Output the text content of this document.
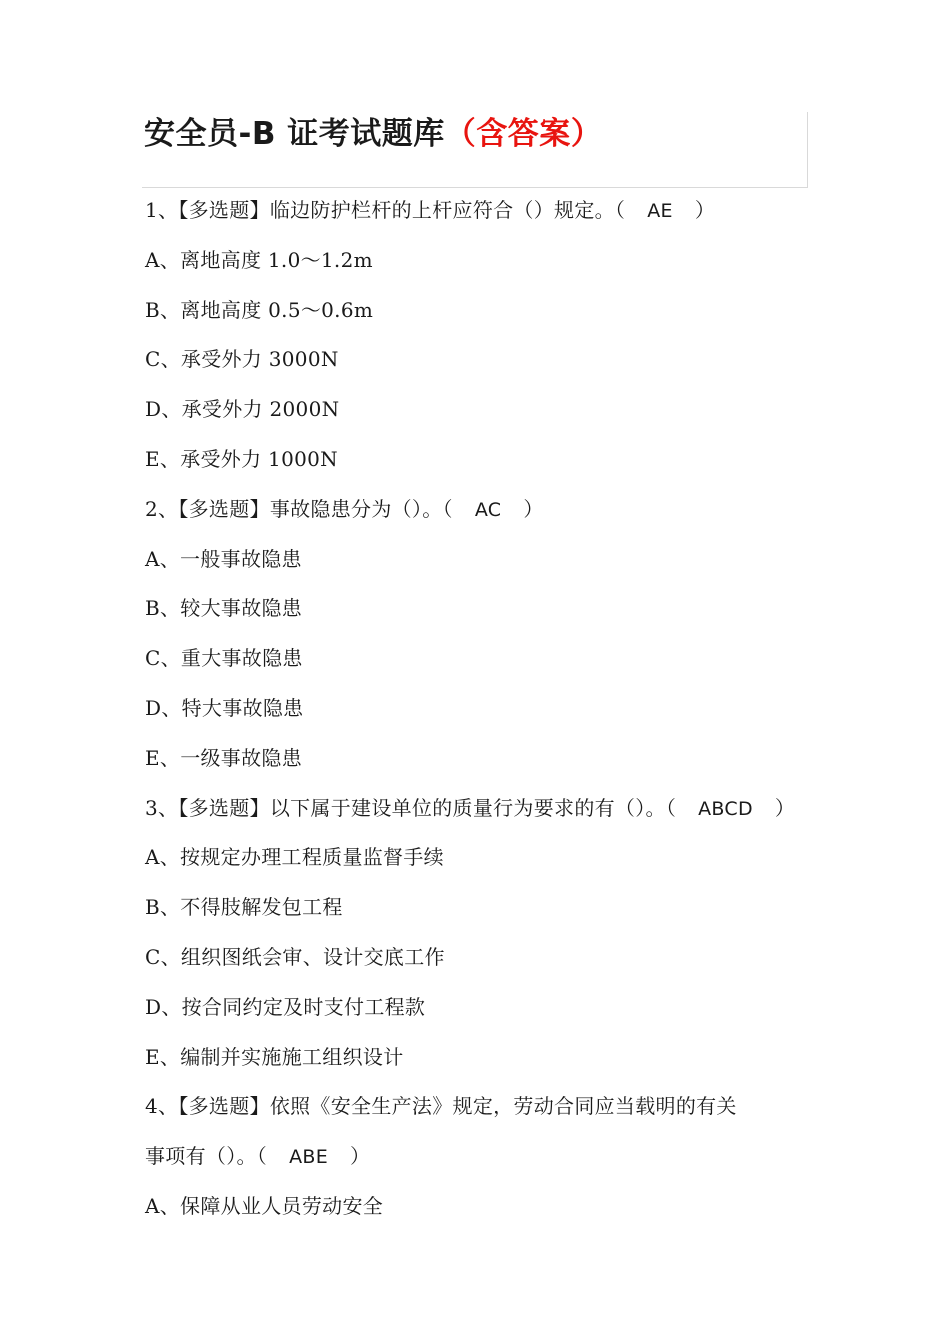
安全员-B 证考试题库（含答案）
1、【多选题】临边防护栏杆的上杆应符合（）规定。（ AE ）
A、离地高度 1.0～1.2m
B、离地高度 0.5～0.6m
C、承受外力 3000N
D、承受外力 2000N
E、承受外力 1000N
2、【多选题】事故隐患分为（）。（ AC ）
A、一般事故隐患
B、较大事故隐患
C、重大事故隐患
D、特大事故隐患
E、一级事故隐患
3、【多选题】以下属于建设单位的质量行为要求的有（）。（ ABCD ）
A、按规定办理工程质量监督手续
B、不得肢解发包工程
C、组织图纸会审、设计交底工作
D、按合同约定及时支付工程款
E、编制并实施施工组织设计
4、【多选题】依照《安全生产法》规定，劳动合同应当载明的有关
事项有（）。（ ABE ）
A、保障从业人员劳动安全
